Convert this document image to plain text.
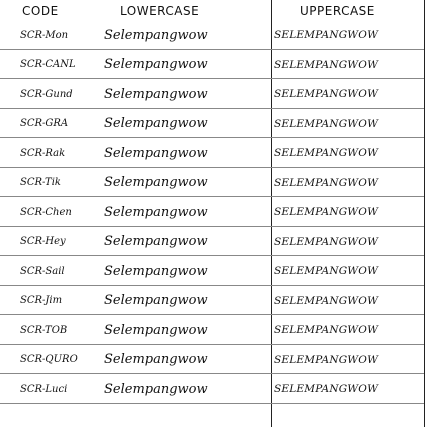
CODE	LOWERCASE	UPPERCASE
SCR-Mon	Selempangwow	SELEMPANGWOW
SCR-CANL	Selempangwow	SELEMPANGWOW
SCR-Gund	Selempangwow	SELEMPANGWOW
SCR-GRA	Selempangwow	SELEMPANGWOW
SCR-Rak	Selempangwow	SELEMPANGWOW
SCR-Tik	Selempangwow	SELEMPANGWOW
SCR-Chen	Selempangwow	SELEMPANGWOW
SCR-Hey	Selempangwow	SELEMPANGWOW
SCR-Sail	Selempangwow	SELEMPANGWOW
SCR-Jim	Selempangwow	SELEMPANGWOW
SCR-TOB	Selempangwow	SELEMPANGWOW
SCR-QURO	Selempangwow	SELEMPANGWOW
SCR-Luci	Selempangwow	SELEMPANGWOW
